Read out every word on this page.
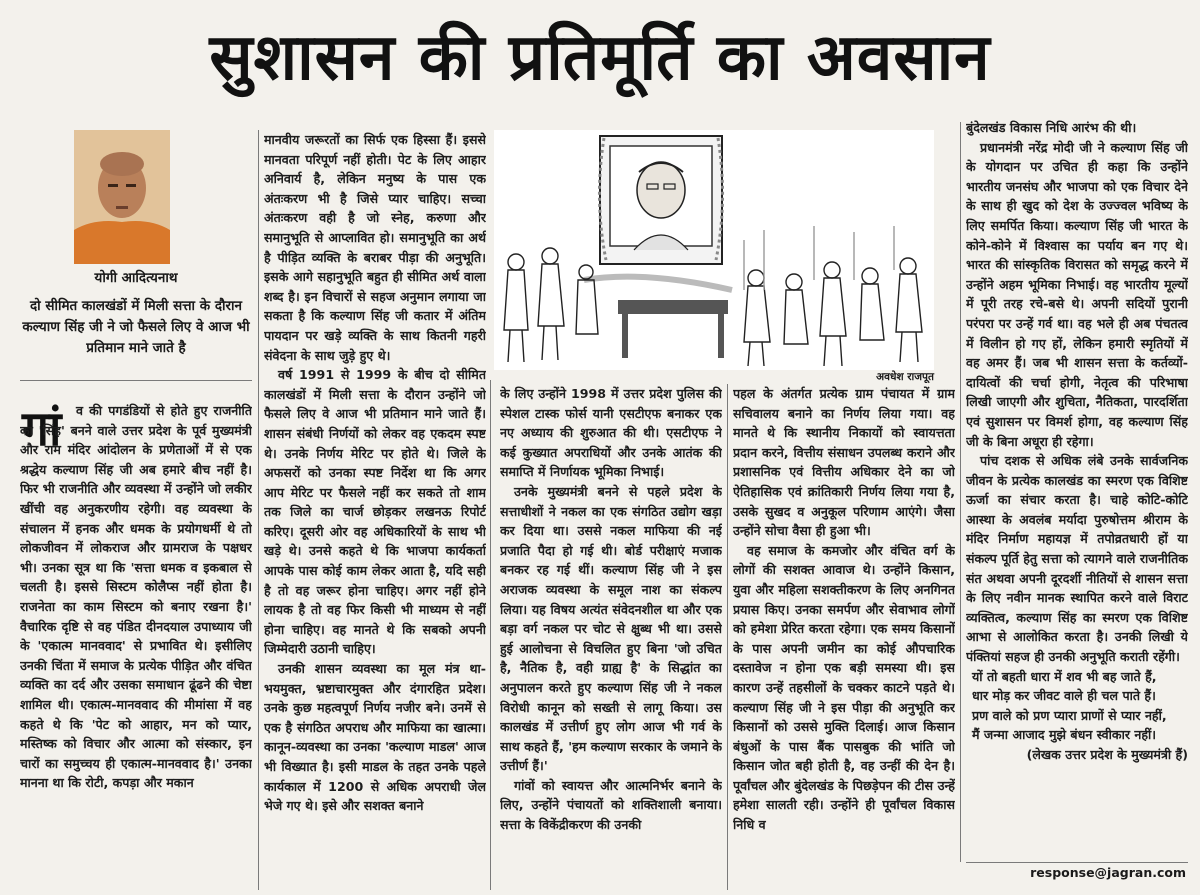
सुशासन की प्रतिमूर्ति का अवसान
योगी आदित्यनाथ
दो सीमित कालखंडों में मिली सत्ता के दौरान कल्याण सिंह जी ने जो फैसले लिए वे आज भी प्रतिमान माने जाते है
गां	व की पगडंडियों से होते हुए राजनीति का 'सिंह' बनने वाले उत्तर प्रदेश के पूर्व मुख्यमंत्री और राम मंदिर आंदोलन के प्रणेताओं में से एक श्रद्धेय कल्याण सिंह जी अब हमारे बीच नहीं है। फिर भी राजनीति और व्यवस्था में उन्होंने जो लकीर खींची वह अनुकरणीय रहेगी। वह व्यवस्था के संचालन में हनक और धमक के प्रयोगधर्मी थे तो लोकजीवन में लोकराज और ग्रामराज के पक्षधर भी। उनका सूत्र था कि 'सत्ता धमक व इकबाल से चलती है। इससे सिस्टम कोलैप्स नहीं होता है। राजनेता का काम सिस्टम को बनाए रखना है।' वैचारिक दृष्टि से वह पंडित दीनदयाल उपाध्याय जी के 'एकात्म मानववाद' से प्रभावित थे। इसीलिए उनकी चिंता में समाज के प्रत्येक पीड़ित और वंचित व्यक्ति का दर्द और उसका समाधान ढूंढने की चेष्टा शामिल थी। एकात्म-मानववाद की मीमांसा में वह कहते थे कि 'पेट को आहार, मन को प्यार, मस्तिष्क को विचार और आत्मा को संस्कार, इन चारों का समुच्चय ही एकात्म-मानववाद है।' उनका मानना था कि रोटी, कपड़ा और मकान

मानवीय जरूरतों का सिर्फ एक हिस्सा हैं। इससे मानवता परिपूर्ण नहीं होती। पेट के लिए आहार अनिवार्य है, लेकिन मनुष्य के पास एक अंतःकरण भी है जिसे प्यार चाहिए। सच्चा अंतःकरण वही है जो स्नेह, करुणा और समानुभूति से आप्लावित हो। समानुभूति का अर्थ है पीड़ित व्यक्ति के बराबर पीड़ा की अनुभूति। इसके आगे सहानुभूति बहुत ही सीमित अर्थ वाला शब्द है। इन विचारों से सहज अनुमान लगाया जा सकता है कि कल्याण सिंह जी कतार में अंतिम पायदान पर खड़े व्यक्ति के साथ कितनी गहरी संवेदना के साथ जुड़े हुए थे।

वर्ष 1991 से 1999 के बीच दो सीमित कालखंडों में मिली सत्ता के दौरान उन्होंने जो फैसले लिए वे आज भी प्रतिमान माने जाते हैं। शासन संबंधी निर्णयों को लेकर वह एकदम स्पष्ट थे। उनके निर्णय मेरिट पर होते थे। जिले के अफसरों को उनका स्पष्ट निर्देश था कि अगर आप मेरिट पर फैसले नहीं कर सकते तो शाम तक जिले का चार्ज छोड़कर लखनऊ रिपोर्ट करिए। दूसरी ओर वह अधिकारियों के साथ भी खड़े थे। उनसे कहते थे कि भाजपा कार्यकर्ता आपके पास कोई काम लेकर आता है, यदि सही है तो वह जरूर होना चाहिए। अगर नहीं होने लायक है तो वह फिर किसी भी माध्यम से नहीं होना चाहिए। वह मानते थे कि सबको अपनी जिम्मेदारी उठानी चाहिए।

उनकी शासन व्यवस्था का मूल मंत्र था-भयमुक्त, भ्रष्टाचारमुक्त और दंगारहित प्रदेश। उनके कुछ महत्वपूर्ण निर्णय नजीर बने। उनमें से एक है संगठित अपराध और माफिया का खात्मा। कानून-व्यवस्था का उनका 'कल्याण माडल' आज भी विख्यात है। इसी माडल के तहत उनके पहले कार्यकाल में 1200 से अधिक अपराधी जेल भेजे गए थे। इसे और सशक्त बनाने

अवधेश राजपूत

के लिए उन्होंने 1998 में उत्तर प्रदेश पुलिस की स्पेशल टास्क फोर्स यानी एसटीएफ बनाकर एक नए अध्याय की शुरुआत की थी। एसटीएफ ने कई कुख्यात अपराधियों और उनके आतंक की समाप्ति में निर्णायक भूमिका निभाई।

उनके मुख्यमंत्री बनने से पहले प्रदेश के सत्ताधीशों ने नकल का एक संगठित उद्योग खड़ा कर दिया था। उससे नकल माफिया की नई प्रजाति पैदा हो गई थी। बोर्ड परीक्षाएं मजाक बनकर रह गई थीं। कल्याण सिंह जी ने इस अराजक व्यवस्था के समूल नाश का संकल्प लिया। यह विषय अत्यंत संवेदनशील था और एक बड़ा वर्ग नकल पर चोट से क्षुब्ध भी था। उससे हुई आलोचना से विचलित हुए बिना 'जो उचित है, नैतिक है, वही ग्राह्य है' के सिद्धांत का अनुपालन करते हुए कल्याण सिंह जी ने नकल विरोधी कानून को सख्ती से लागू किया। उस कालखंड में उत्तीर्ण हुए लोग आज भी गर्व के साथ कहते हैं, 'हम कल्याण सरकार के जमाने के उत्तीर्ण हैं।'

गांवों को स्वायत्त और आत्मनिर्भर बनाने के लिए, उन्होंने पंचायतों को शक्तिशाली बनाया। सत्ता के विकेंद्रीकरण की उनकी

पहल के अंतर्गत प्रत्येक ग्राम पंचायत में ग्राम सचिवालय बनाने का निर्णय लिया गया। वह मानते थे कि स्थानीय निकायों को स्वायत्तता प्रदान करने, वित्तीय संसाधन उपलब्ध कराने और प्रशासनिक एवं वित्तीय अधिकार देने का जो ऐतिहासिक एवं क्रांतिकारी निर्णय लिया गया है, उसके सुखद व अनुकूल परिणाम आएंगे। जैसा उन्होंने सोचा वैसा ही हुआ भी।

वह समाज के कमजोर और वंचित वर्ग के लोगों की सशक्त आवाज थे। उन्होंने किसान, युवा और महिला सशक्तीकरण के लिए अनगिनत प्रयास किए। उनका समर्पण और सेवाभाव लोगों को हमेशा प्रेरित करता रहेगा। एक समय किसानों के पास अपनी जमीन का कोई औपचारिक दस्तावेज न होना एक बड़ी समस्या थी। इस कारण उन्हें तहसीलों के चक्कर काटने पड़ते थे। कल्याण सिंह जी ने इस पीड़ा की अनुभूति कर किसानों को उससे मुक्ति दिलाई। आज किसान बंधुओं के पास बैंक पासबुक की भांति जो किसान जोत बही होती है, वह उन्हीं की देन है। पूर्वांचल और बुंदेलखंड के पिछड़ेपन की टीस उन्हें हमेशा सालती रही। उन्होंने ही पूर्वांचल विकास निधि व

बुंदेलखंड विकास निधि आरंभ की थी।

प्रधानमंत्री नरेंद्र मोदी जी ने कल्याण सिंह जी के योगदान पर उचित ही कहा कि उन्होंने भारतीय जनसंघ और भाजपा को एक विचार देने के साथ ही खुद को देश के उज्ज्वल भविष्य के लिए समर्पित किया। कल्याण सिंह जी भारत के कोने-कोने में विश्वास का पर्याय बन गए थे। भारत की सांस्कृतिक विरासत को समृद्ध करने में उन्होंने अहम भूमिका निभाई। वह भारतीय मूल्यों में पूरी तरह रचे-बसे थे। अपनी सदियों पुरानी परंपरा पर उन्हें गर्व था। वह भले ही अब पंचतत्व में विलीन हो गए हों, लेकिन हमारी स्मृतियों में वह अमर हैं। जब भी शासन सत्ता के कर्तव्यों-दायित्वों की चर्चा होगी, नेतृत्व की परिभाषा लिखी जाएगी और शुचिता, नैतिकता, पारदर्शिता एवं सुशासन पर विमर्श होगा, वह कल्याण सिंह जी के बिना अधूरा ही रहेगा।

पांच दशक से अधिक लंबे उनके सार्वजनिक जीवन के प्रत्येक कालखंड का स्मरण एक विशिष्ट ऊर्जा का संचार करता है। चाहे कोटि-कोटि आस्था के अवलंब मर्यादा पुरुषोत्तम श्रीराम के मंदिर निर्माण महायज्ञ में तपोव्रतधारी हों या संकल्प पूर्ति हेतु सत्ता को त्यागने वाले राजनीतिक संत अथवा अपनी दूरदर्शी नीतियों से शासन सत्ता के लिए नवीन मानक स्थापित करने वाले विराट व्यक्तित्व, कल्याण सिंह का स्मरण एक विशिष्ट आभा से आलोकित करता है। उनकी लिखी ये पंक्तियां सहज ही उनकी अनुभूति कराती रहेंगी।

यों तो बहती धारा में शव भी बह जाते हैं,

धार मोड़ कर जीवट वाले ही चल पाते हैं।

प्रण वाले को प्रण प्यारा प्राणों से प्यार नहीं,

मैं जन्मा आजाद मुझे बंधन स्वीकार नहीं।

(लेखक उत्तर प्रदेश के मुख्यमंत्री हैं)

response@jagran.com
